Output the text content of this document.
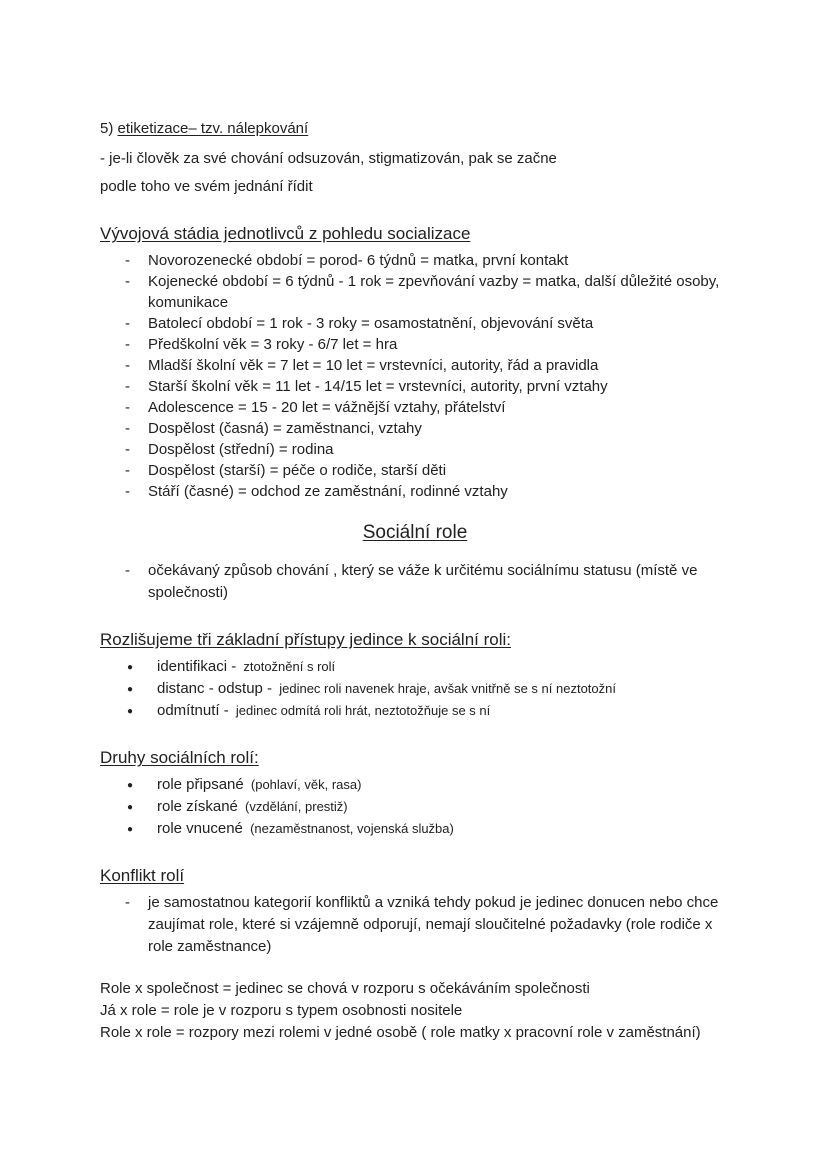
5) etiketizace– tzv. nálepkování
- je-li člověk za své chování odsuzován, stigmatizován, pak se začne
podle toho ve svém jednání řídit
Vývojová stádia jednotlivců z pohledu socializace
- Novorozenecké období = porod- 6 týdnů = matka, první kontakt
- Kojenecké období = 6 týdnů - 1 rok = zpevňování vazby = matka, další důležité osoby, komunikace
- Batolecí období = 1 rok - 3 roky = osamostatnění, objevování světa
- Předškolní věk = 3 roky - 6/7 let = hra
- Mladší školní věk = 7 let = 10 let = vrstevníci, autority, řád a pravidla
- Starší školní věk = 11 let - 14/15 let = vrstevníci, autority, první vztahy
- Adolescence = 15 - 20 let = vážnější vztahy, přátelství
- Dospělost (časná) = zaměstnanci, vztahy
- Dospělost (střední) = rodina
- Dospělost (starší) = péče o rodiče, starší děti
- Stáří (časné) = odchod ze zaměstnání, rodinné vztahy
Sociální role
- očekávaný způsob chování , který se váže k určitému sociálnímu statusu (místě ve společnosti)
Rozlišujeme tři základní přístupy jedince k sociální roli:
● identifikaci - ztotožnění s rolí
● distanc - odstup - jedinec roli navenek hraje, avšak vnitřně se s ní neztotožní
● odmítnutí - jedinec odmítá roli hrát, neztotožňuje se s ní
Druhy sociálních rolí:
● role připsané (pohlaví, věk, rasa)
● role získané (vzdělání, prestiž)
● role vnucené (nezaměstnanost, vojenská služba)
Konflikt rolí
- je samostatnou kategorií konfliktů a vzniká tehdy pokud je jedinec donucen nebo chce zaujímat role, které si vzájemně odporují, nemají sloučitelné požadavky (role rodiče x role zaměstnance)
Role x společnost = jedinec se chová v rozporu s očekáváním společnosti
Já x role = role je v rozporu s typem osobnosti nositele
Role x role = rozpory mezi rolemi v jedné osobě ( role matky x pracovní role v zaměstnání)
